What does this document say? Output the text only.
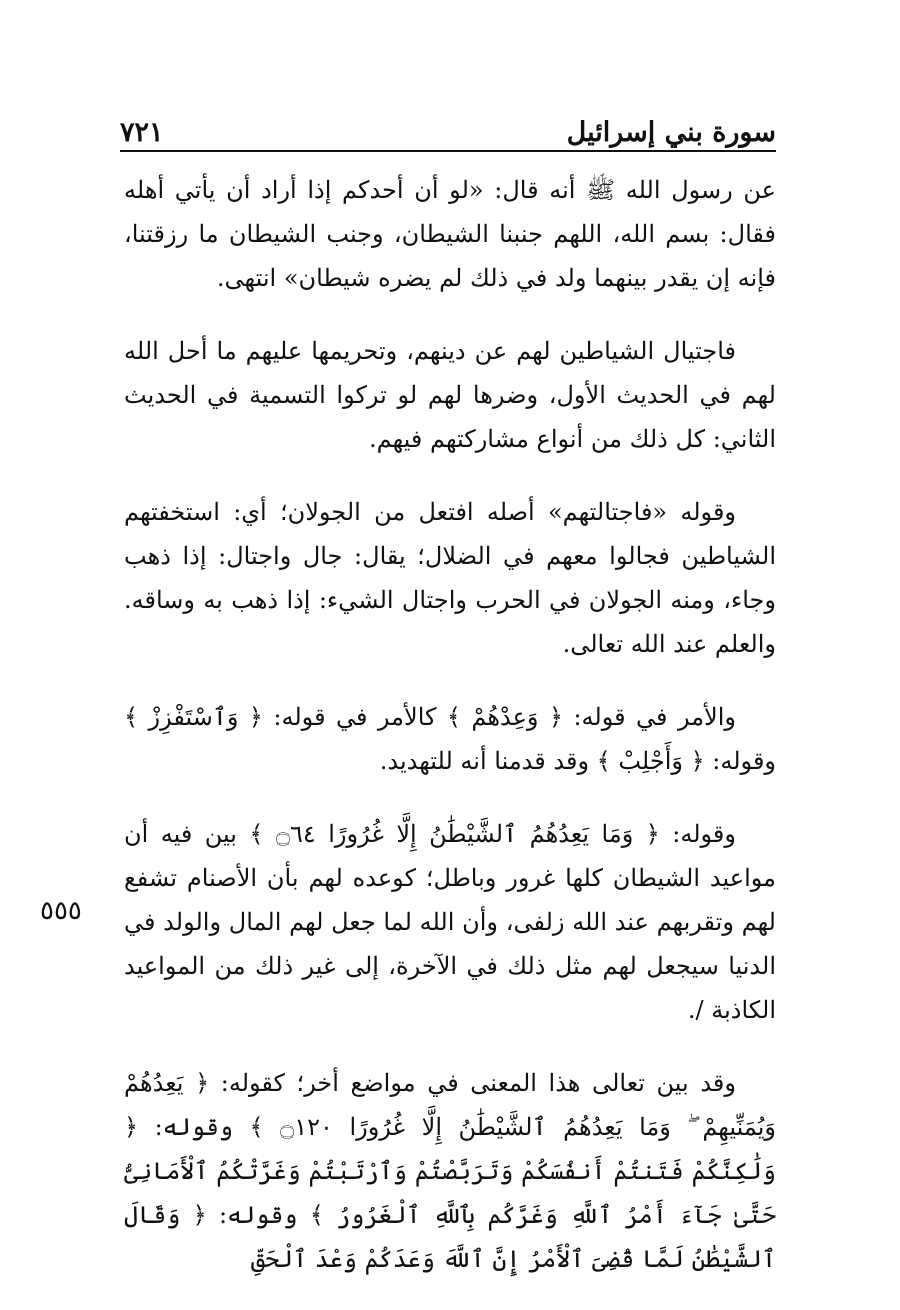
سورة بني إسرائيل
٧٢١
٥٥٥

عن رسول الله ﷺ أنه قال: «لو أن أحدكم إذا أراد أن يأتي أهله فقال: بسم الله، اللهم جنبنا الشيطان، وجنب الشيطان ما رزقتنا، فإنه إن يقدر بينهما ولد في ذلك لم يضره شيطان» انتهى.

فاجتيال الشياطين لهم عن دينهم، وتحريمها عليهم ما أحل الله لهم في الحديث الأول، وضرها لهم لو تركوا التسمية في الحديث الثاني: كل ذلك من أنواع مشاركتهم فيهم.

وقوله «فاجتالتهم» أصله افتعل من الجولان؛ أي: استخفتهم الشياطين فجالوا معهم في الضلال؛ يقال: جال واجتال: إذا ذهب وجاء، ومنه الجولان في الحرب واجتال الشيء: إذا ذهب به وساقه. والعلم عند الله تعالى.

والأمر في قوله: ﴿ وَعِدْهُمْ ﴾ كالأمر في قوله: ﴿ وَٱسْتَفْزِزْ ﴾ وقوله: ﴿ وَأَجْلِبْ ﴾ وقد قدمنا أنه للتهديد.

وقوله: ﴿ وَمَا يَعِدُهُمُ ٱلشَّيْطَٰنُ إِلَّا غُرُورًا ۝٦٤ ﴾ بين فيه أن مواعيد الشيطان كلها غرور وباطل؛ كوعده لهم بأن الأصنام تشفع لهم وتقربهم عند الله زلفى، وأن الله لما جعل لهم المال والولد في الدنيا سيجعل لهم مثل ذلك في الآخرة، إلى غير ذلك من المواعيد الكاذبة /.

وقد بين تعالى هذا المعنى في مواضع أخر؛ كقوله: ﴿ يَعِدُهُمْ وَيُمَنِّيهِمْ ۖ وَمَا يَعِدُهُمُ ٱلشَّيْطَٰنُ إِلَّا غُرُورًا ۝١٢٠ ﴾ وقوله: ﴿ وَلَٰكِنَّكُمْ فَتَنتُمْ أَنفُسَكُمْ وَتَرَبَّصْتُمْ وَٱرْتَبْتُمْ وَغَرَّتْكُمُ ٱلْأَمَانِىُّ حَتَّىٰ جَآءَ أَمْرُ ٱللَّهِ وَغَرَّكُم بِٱللَّهِ ٱلْغَرُورُ ﴾ وقوله: ﴿ وَقَالَ ٱلشَّيْطَٰنُ لَمَّا قُضِىَ ٱلْأَمْرُ إِنَّ ٱللَّهَ وَعَدَكُمْ وَعْدَ ٱلْحَقِّ
